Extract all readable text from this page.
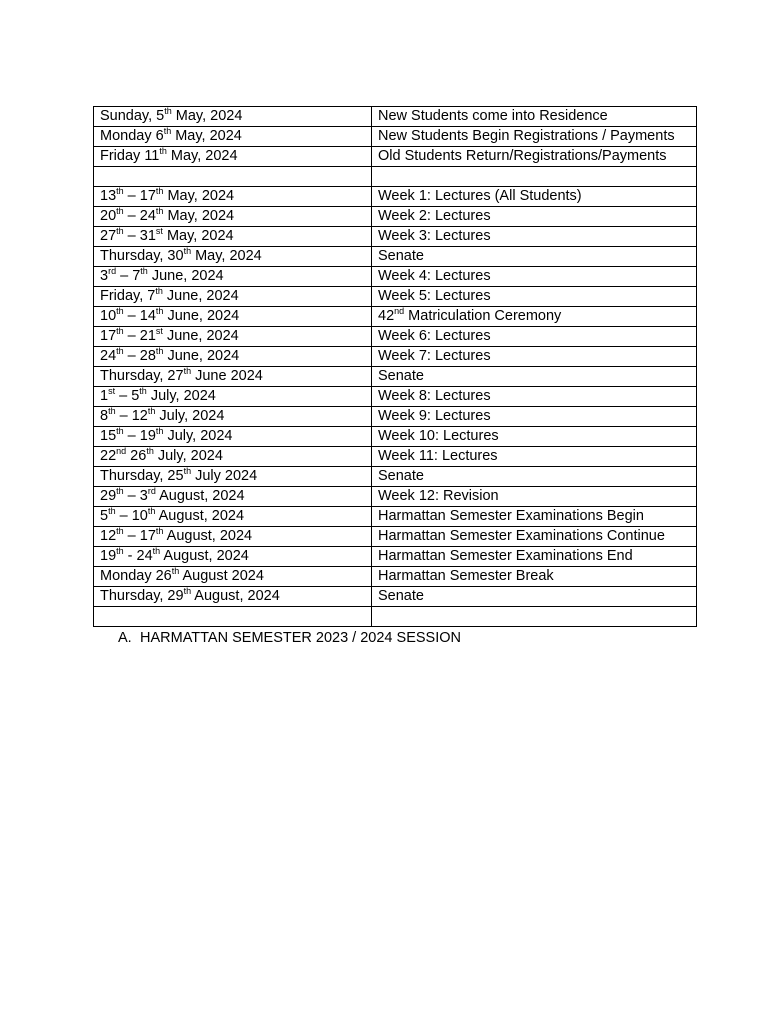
Sunday, 5th May, 2024	New Students come into Residence
Monday 6th May, 2024	New Students Begin Registrations / Payments
Friday 11th May, 2024	Old Students Return/Registrations/Payments

13th – 17th May, 2024	Week 1: Lectures (All Students)
20th – 24th May, 2024	Week 2: Lectures
27th – 31st May, 2024	Week 3: Lectures
Thursday, 30th May, 2024	Senate
3rd – 7th June, 2024	Week 4: Lectures
Friday, 7th June, 2024	Week 5: Lectures
10th – 14th June, 2024	42nd Matriculation Ceremony
17th – 21st June, 2024	Week 6: Lectures
24th – 28th June, 2024	Week 7: Lectures
Thursday, 27th June 2024	Senate
1st – 5th July, 2024	Week 8: Lectures
8th – 12th July, 2024	Week 9: Lectures
15th – 19th July, 2024	Week 10: Lectures
22nd 26th July, 2024	Week 11: Lectures
Thursday, 25th July 2024	Senate
29th – 3rd August, 2024	Week 12: Revision
5th – 10th August, 2024	Harmattan Semester Examinations Begin
12th – 17th August, 2024	Harmattan Semester Examinations Continue
19th - 24th August, 2024	Harmattan Semester Examinations End
Monday 26th August 2024	Harmattan Semester Break
Thursday, 29th August, 2024	Senate

A. HARMATTAN SEMESTER 2023 / 2024 SESSION
